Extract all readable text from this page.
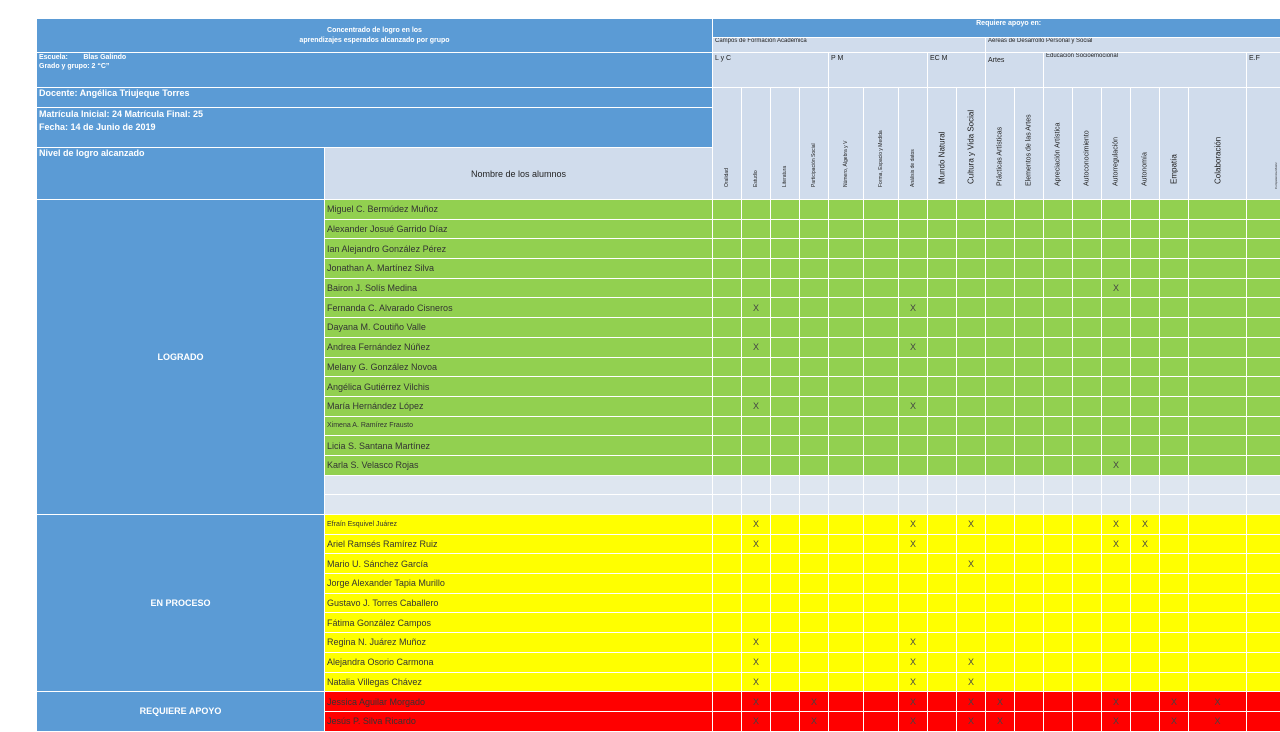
Concentrado de logro en los
aprendizajes esperados alcanzado por grupo		Requiere apoyo en:																	
		Campos de Formación Académica									Aéreas de Desarrollo Personal y Social								

Escuela: Blas Galindo
Grado y grupo: 2 “C”		L y C				P M			EC M		Artes		Educación Socioemocional						E.F
Docente: Angélica Triujeque Torres		Oralidad	Estudio	Literatura	Participación Social	Número, Álgebra y V	Forma, Espacio y Medida	Análisis de datos	Mundo Natural	Cultura y Vida Social	Prácticas Artísticas	Elementos de las Artes	Apreciación Artística	Autoconocimiento	Autorregulación	Autonomía	Empatía	Colaboración	Competencia Motriz

Matrícula Inicial: 24 Matrícula Final: 25
Fecha: 14 de Junio de 2019																			

Nivel de logro alcanzado	Nombre de los alumnos																		
LOGRADO	Miguel C. Bermúdez Muñoz																		
	Alexander Josué Garrido Díaz																		
	Ian Alejandro González Pérez																		
	Jonathan A. Martínez Silva																		
	Bairon J. Solís Medina														X				
	Fernanda C. Alvarado Cisneros		X					X											
	Dayana M. Coutiño Valle																		
	Andrea Fernández Núñez		X					X											
	Melany G. González Novoa																		
	Angélica Gutiérrez Vilchis																		
	María Hernández López		X					X											
	Ximena A. Ramírez Frausto																		
	Licia S. Santana Martínez																		
	Karla S. Velasco Rojas														X				

EN PROCESO	Efraín Esquivel Juárez		X					X		X					X	X			
	Ariel Ramsés Ramírez Ruiz		X					X							X	X			
	Mario U. Sánchez García									X									
	Jorge Alexander Tapia Murillo																		
	Gustavo J. Torres Caballero																		
	Fátima González Campos																		
	Regina N. Juárez Muñoz		X					X											
	Alejandra Osorio Carmona		X					X		X									
	Natalia Villegas Chávez		X					X		X									
REQUIERE APOYO	Jessica Aguilar Morgado		X		X			X		X	X				X		X	X	
	Jesús P. Silva Ricardo		X		X			X		X	X				X		X	X	
